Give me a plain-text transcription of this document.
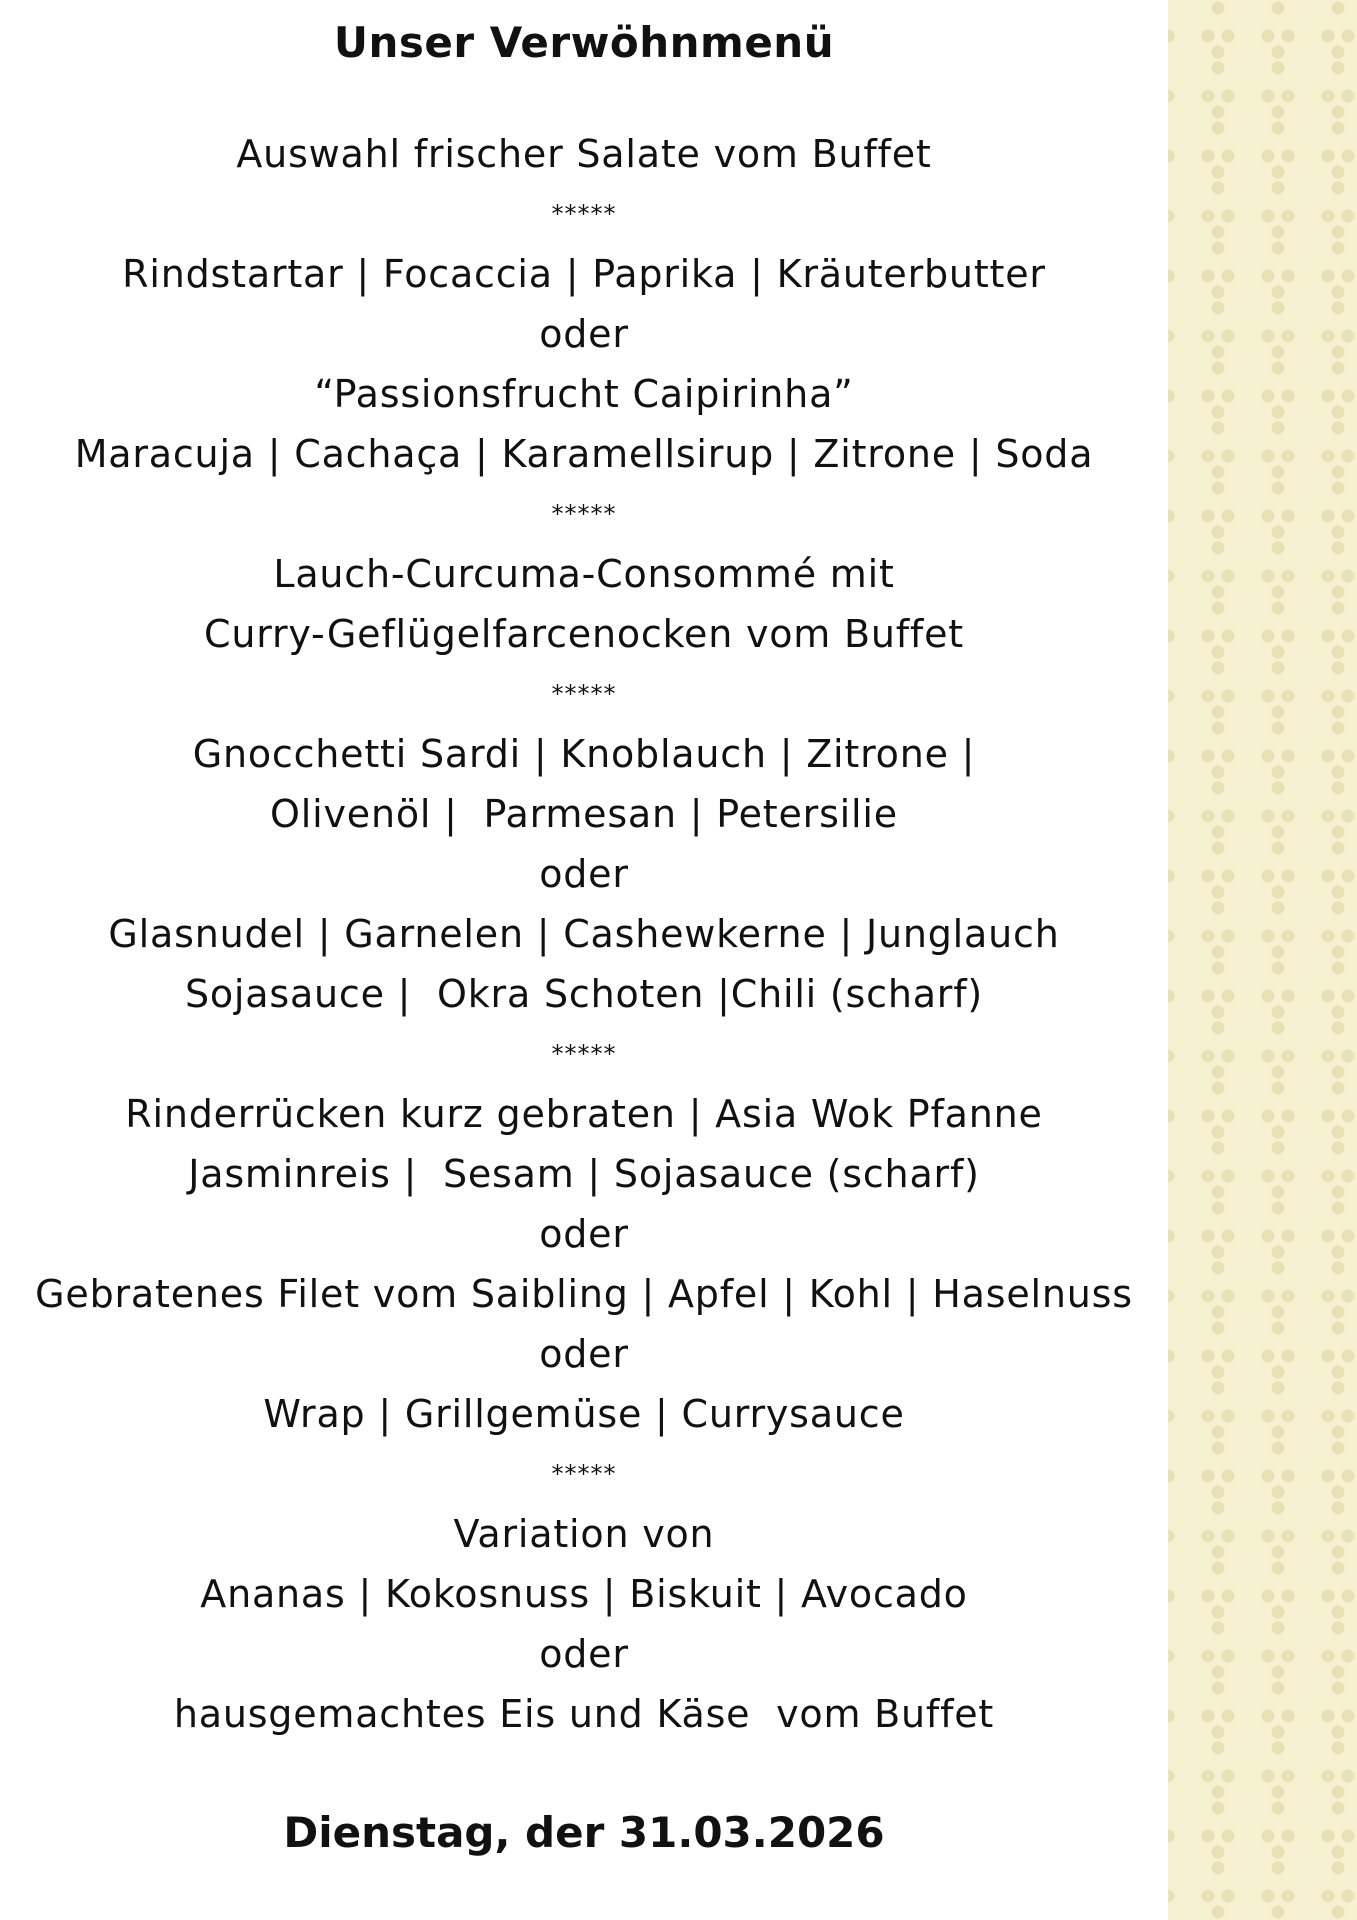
Unser Verwöhnmenü
Auswahl frischer Salate vom Buffet
*****
Rindstartar | Focaccia | Paprika | Kräuterbutter
oder
“Passionsfrucht Caipirinha”
Maracuja | Cachaça | Karamellsirup | Zitrone | Soda
*****
Lauch-Curcuma-Consommé mit
Curry-Geflügelfarcenocken vom Buffet
*****
Gnocchetti Sardi | Knoblauch | Zitrone |
Olivenöl |  Parmesan | Petersilie
oder
Glasnudel | Garnelen | Cashewkerne | Junglauch
Sojasauce |  Okra Schoten |Chili (scharf)
*****
Rinderrücken kurz gebraten | Asia Wok Pfanne
Jasminreis |  Sesam | Sojasauce (scharf)
oder
Gebratenes Filet vom Saibling | Apfel | Kohl | Haselnuss
oder
Wrap | Grillgemüse | Currysauce
*****
Variation von
Ananas | Kokosnuss | Biskuit | Avocado
oder
hausgemachtes Eis und Käse  vom Buffet
Dienstag, der 31.03.2026
